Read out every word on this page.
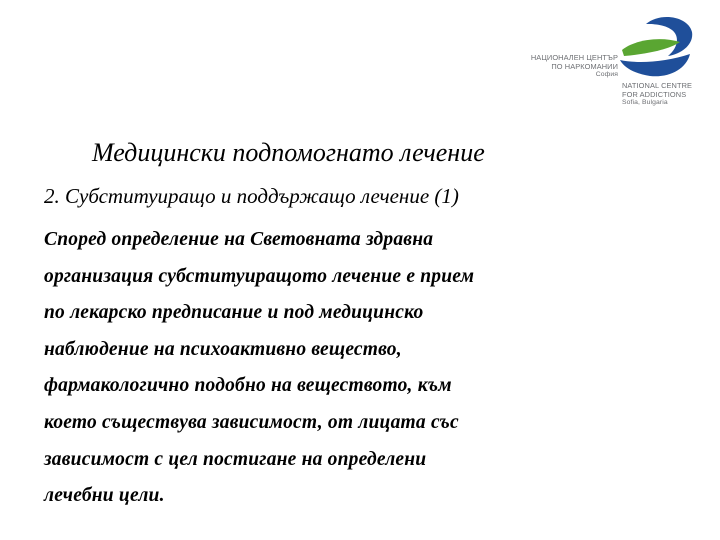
НАЦИОНАЛЕН ЦЕНТЪР
ПО НАРКОМАНИИ
София
NATIONAL CENTRE
FOR ADDICTIONS
Sofia, Bulgaria
Медицински подпомогнато лечение
2. Субституиращо и поддържащо лечение (1)
Според определение на Световната здравна
организация субституиращото лечение е прием
по лекарско предписание и под медицинско
наблюдение на психоактивно вещество,
фармакологично подобно на веществото, към
което съществува зависимост, от лицата със
зависимост с цел постигане на определени
лечебни цели.
